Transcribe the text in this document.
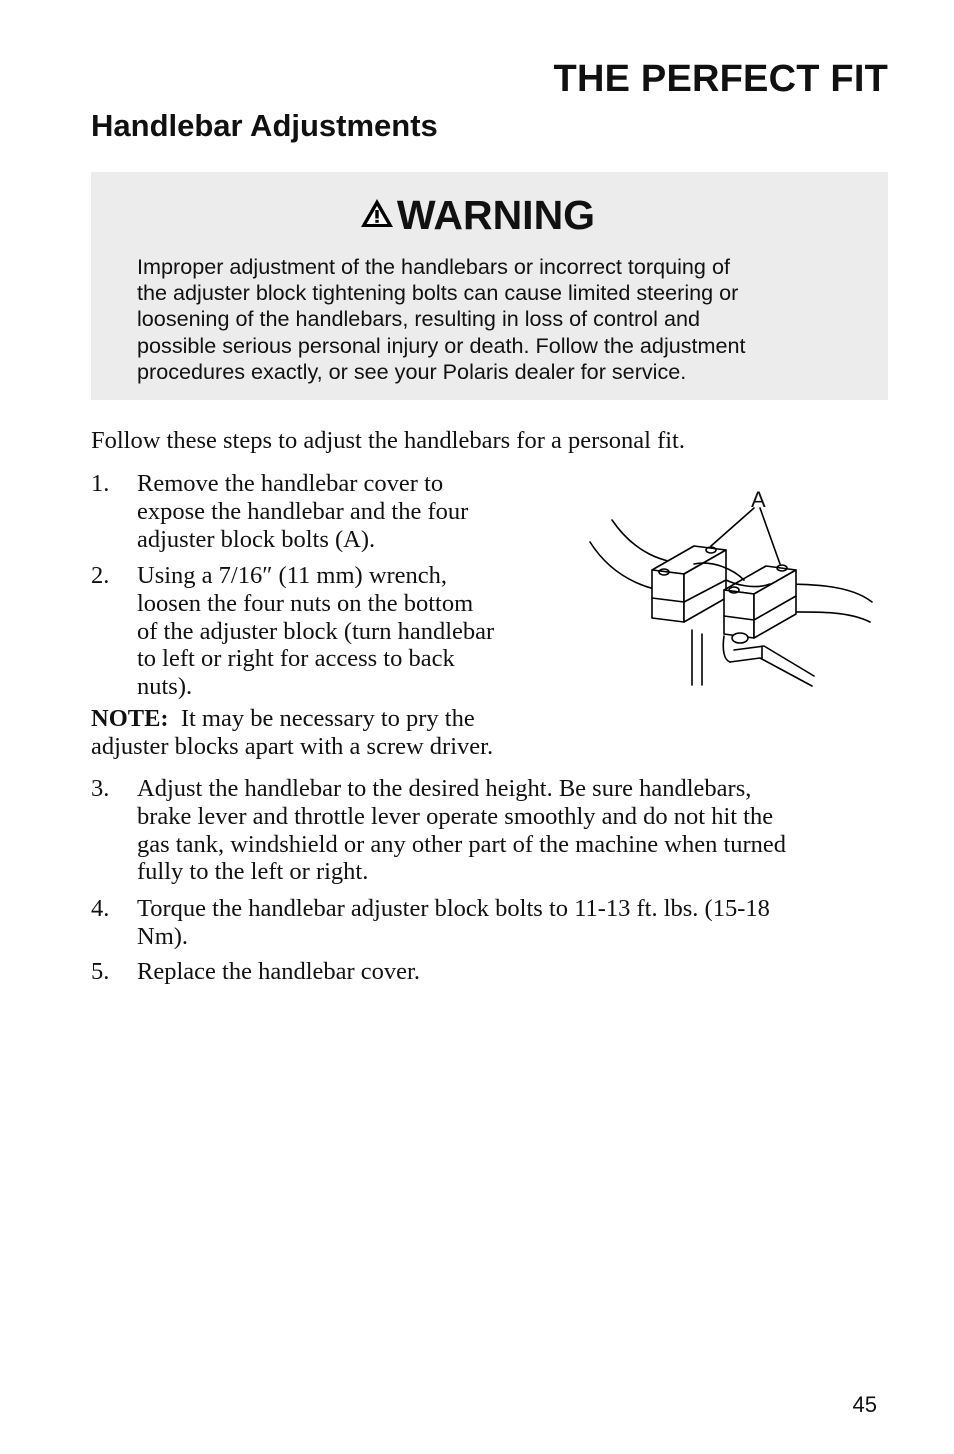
THE PERFECT FIT
Handlebar Adjustments
WARNING
Improper adjustment of the handlebars or incorrect torquing of
the adjuster block tightening bolts can cause limited steering or
loosening of the handlebars, resulting in loss of control and
possible serious personal injury or death. Follow the adjustment
procedures exactly, or see your Polaris dealer for service.
Follow these steps to adjust the handlebars for a personal fit.
1. Remove the handlebar cover to
expose the handlebar and the four
adjuster block bolts (A).
2. Using a 7/16″ (11 mm) wrench,
loosen the four nuts on the bottom
of the adjuster block (turn handlebar
to left or right for access to back
nuts).
NOTE: It may be necessary to pry the
adjuster blocks apart with a screw driver.
A
3. Adjust the handlebar to the desired height. Be sure handlebars,
brake lever and throttle lever operate smoothly and do not hit the
gas tank, windshield or any other part of the machine when turned
fully to the left or right.
4. Torque the handlebar adjuster block bolts to 11-13 ft. lbs. (15-18
Nm).
5. Replace the handlebar cover.
45
